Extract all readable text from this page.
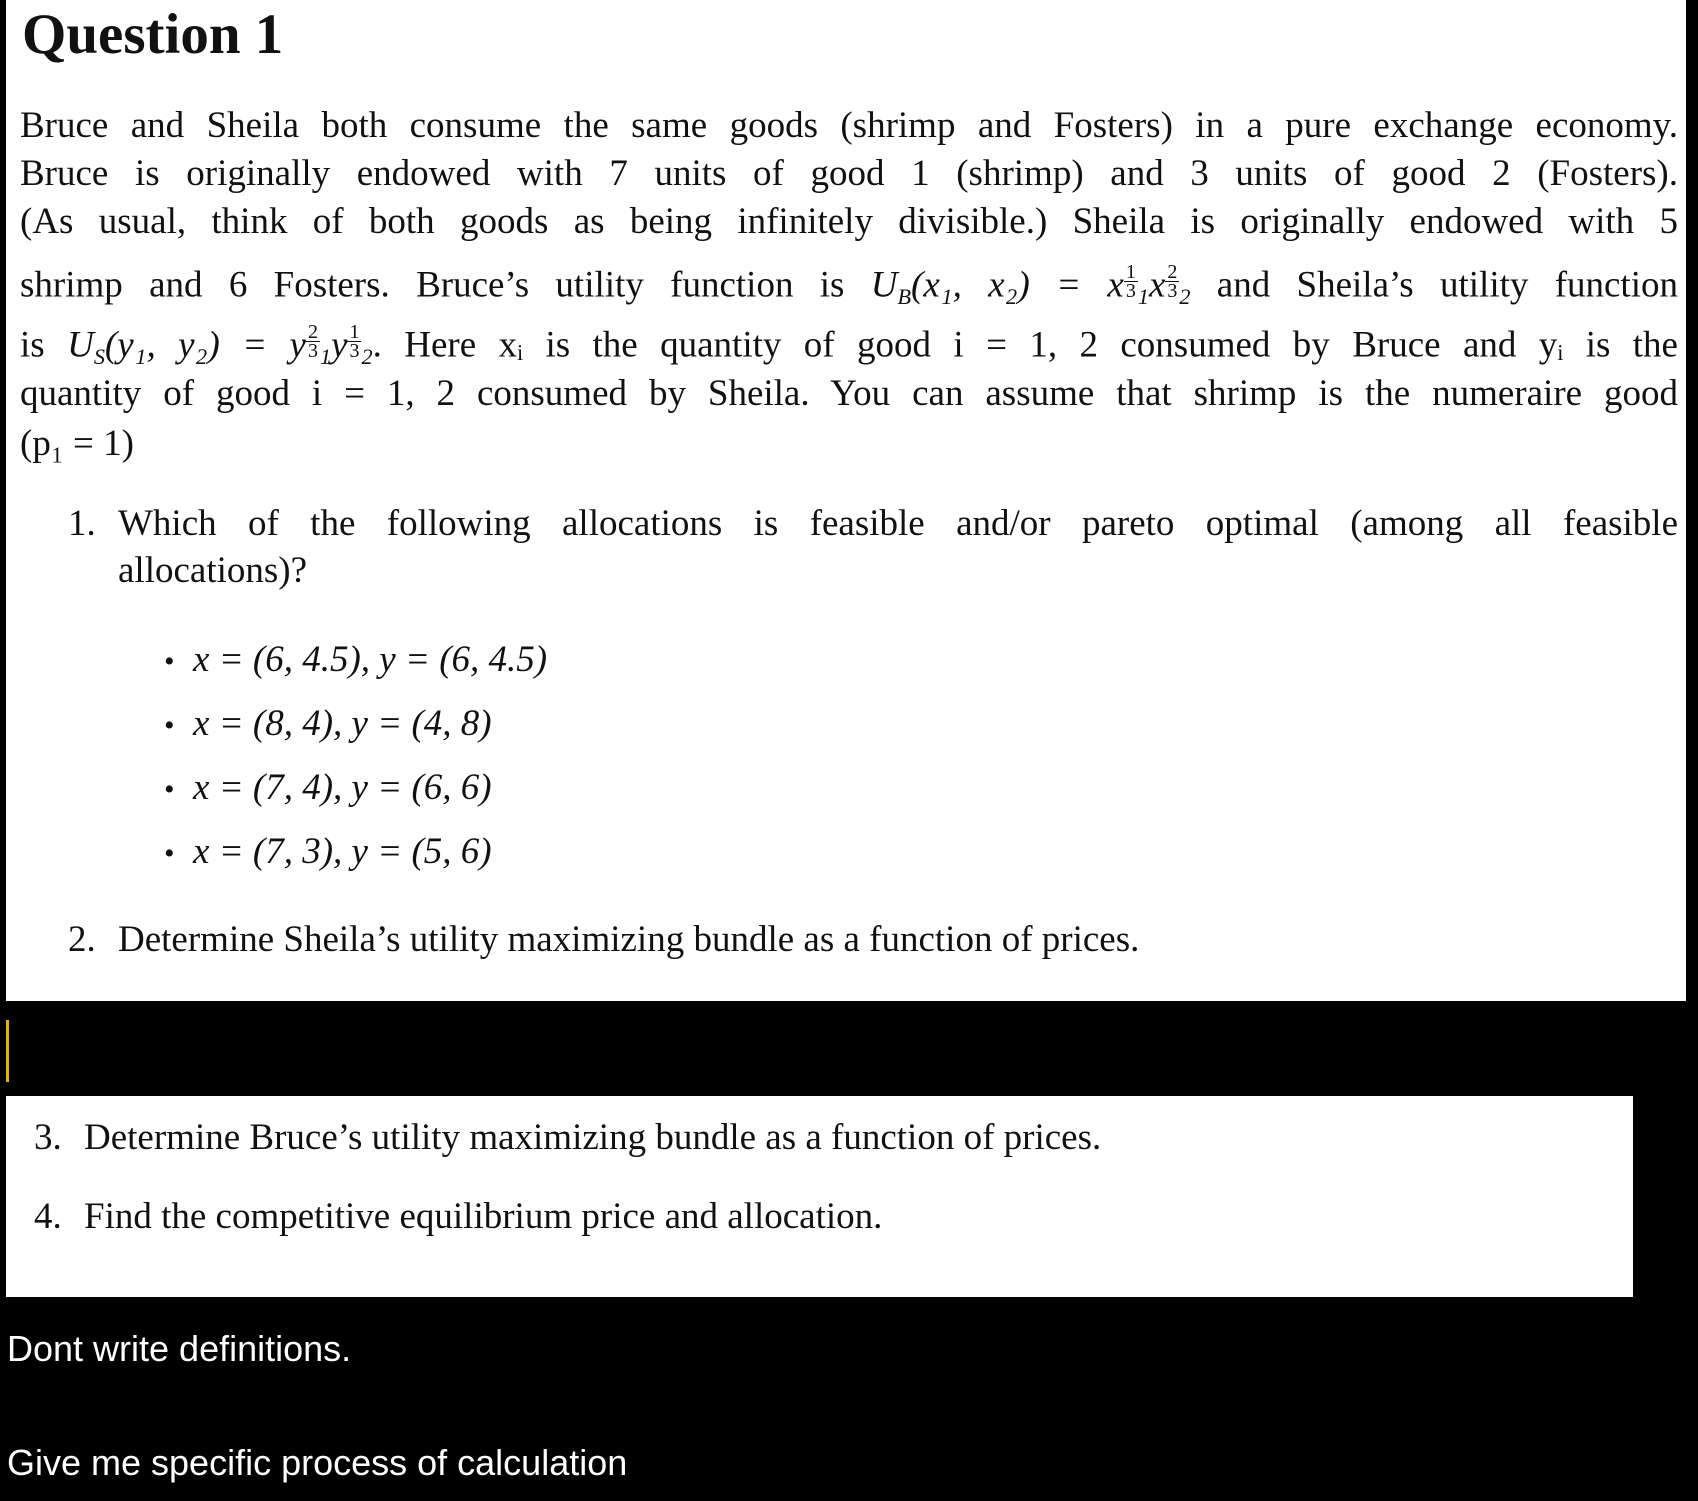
Question 1
Bruce and Sheila both consume the same goods (shrimp and Fosters) in a pure exchange economy.
Bruce is originally endowed with 7 units of good 1 (shrimp) and 3 units of good 2 (Fosters).
(As usual, think of both goods as being infinitely divisible.) Sheila is originally endowed with 5
shrimp and 6 Fosters. Bruce’s utility function is $U_B(x_1$, x₂) = x $\frac{1}{3} _1x \frac{2}{3} _2$ and Sheila’s utility function
is $U_S(y_1$, y₂) = y $\frac{2}{3} _1y \frac{1}{3} _2$. Here xᵢ is the quantity of good i = 1, 2 consumed by Bruce and yᵢ is the
quantity of good i = 1, 2 consumed by Sheila. You can assume that shrimp is the numeraire good
(p₁ = 1)
1. Which of the following allocations is feasible and/or pareto optimal (among all feasible
allocations)?
• x = (6, 4.5), y = (6, 4.5)
• x = (8, 4), y = (4, 8)
• x = (7, 4), y = (6, 6)
• x = (7, 3), y = (5, 6)
2. Determine Sheila’s utility maximizing bundle as a function of prices.
3. Determine Bruce’s utility maximizing bundle as a function of prices.
4. Find the competitive equilibrium price and allocation.
Dont write definitions.
Give me specific process of calculation
